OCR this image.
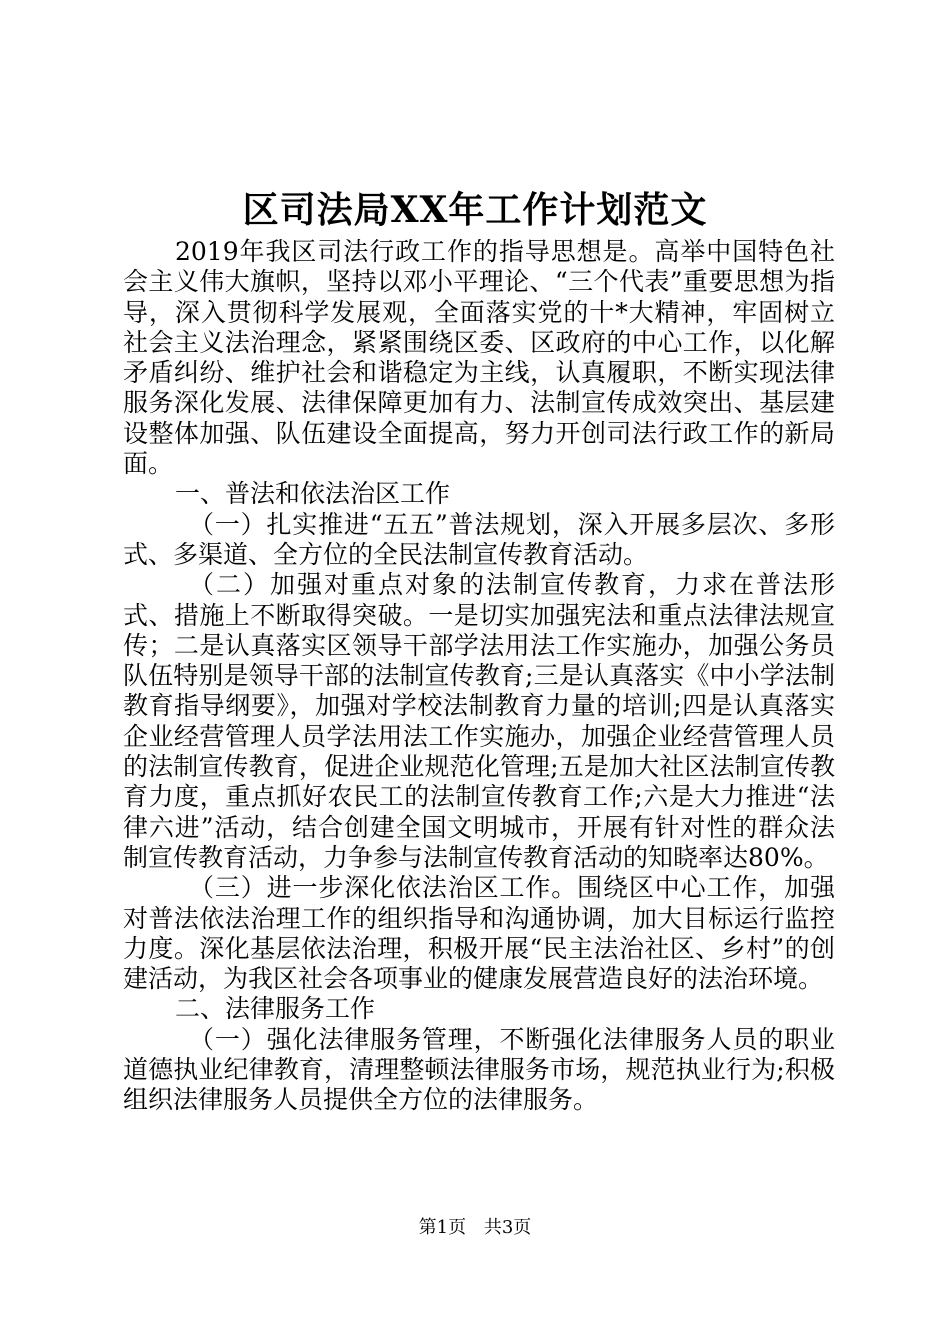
区司法局XX年工作计划范文

2019年我区司法行政工作的指导思想是。高举中国特色社会主义伟大旗帜，坚持以邓小平理论、“三个代表”重要思想为指导，深入贯彻科学发展观，全面落实党的十*大精神，牢固树立社会主义法治理念，紧紧围绕区委、区政府的中心工作，以化解矛盾纠纷、维护社会和谐稳定为主线，认真履职，不断实现法律服务深化发展、法律保障更加有力、法制宣传成效突出、基层建设整体加强、队伍建设全面提高，努力开创司法行政工作的新局面。

一、普法和依法治区工作

（一）扎实推进“五五”普法规划，深入开展多层次、多形式、多渠道、全方位的全民法制宣传教育活动。

（二）加强对重点对象的法制宣传教育，力求在普法形式、措施上不断取得突破。一是切实加强宪法和重点法律法规宣传；二是认真落实区领导干部学法用法工作实施办，加强公务员队伍特别是领导干部的法制宣传教育;三是认真落实《中小学法制教育指导纲要》，加强对学校法制教育力量的培训;四是认真落实企业经营管理人员学法用法工作实施办，加强企业经营管理人员的法制宣传教育，促进企业规范化管理;五是加大社区法制宣传教育力度，重点抓好农民工的法制宣传教育工作;六是大力推进“法律六进”活动，结合创建全国文明城市，开展有针对性的群众法制宣传教育活动，力争参与法制宣传教育活动的知晓率达80%。

（三）进一步深化依法治区工作。围绕区中心工作，加强对普法依法治理工作的组织指导和沟通协调，加大目标运行监控力度。深化基层依法治理，积极开展“民主法治社区、乡村”的创建活动，为我区社会各项事业的健康发展营造良好的法治环境。

二、法律服务工作

（一）强化法律服务管理，不断强化法律服务人员的职业道德执业纪律教育，清理整顿法律服务市场，规范执业行为;积极组织法律服务人员提供全方位的法律服务。

第1页 共3页
